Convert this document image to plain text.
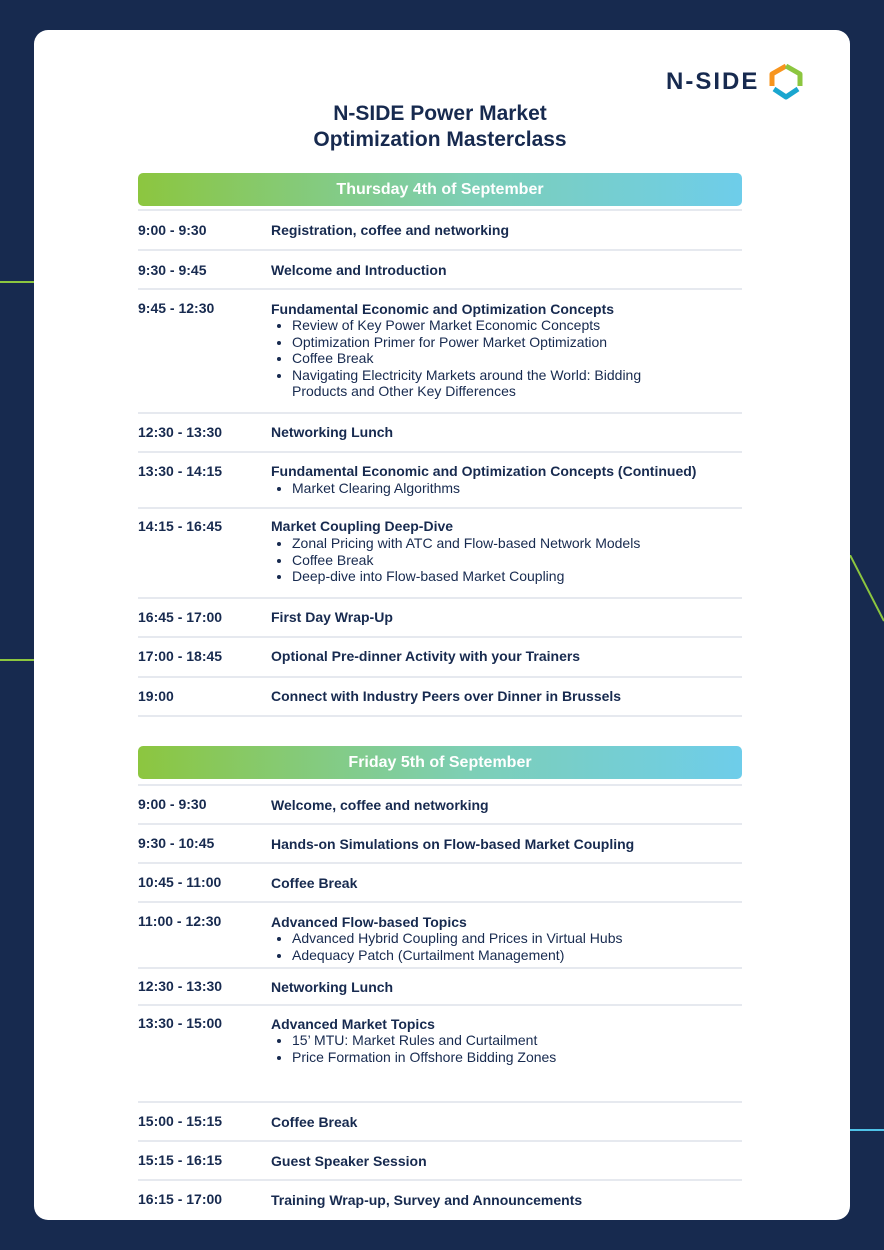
N-SIDE
N-SIDE Power Market
Optimization Masterclass
Thursday 4th of September
9:00 - 9:30	Registration, coffee and networking
9:30 - 9:45	Welcome and Introduction
9:45 - 12:30	Fundamental Economic and Optimization Concepts
• Review of Key Power Market Economic Concepts
• Optimization Primer for Power Market Optimization
• Coffee Break
• Navigating Electricity Markets around the World: Bidding
Products and Other Key Differences
12:30 - 13:30	Networking Lunch
13:30 - 14:15	Fundamental Economic and Optimization Concepts (Continued)
• Market Clearing Algorithms
14:15 - 16:45	Market Coupling Deep-Dive
• Zonal Pricing with ATC and Flow-based Network Models
• Coffee Break
• Deep-dive into Flow-based Market Coupling
16:45 - 17:00	First Day Wrap-Up
17:00 - 18:45	Optional Pre-dinner Activity with your Trainers
19:00	Connect with Industry Peers over Dinner in Brussels
Friday 5th of September
9:00 - 9:30	Welcome, coffee and networking
9:30 - 10:45	Hands-on Simulations on Flow-based Market Coupling
10:45 - 11:00	Coffee Break
11:00 - 12:30	Advanced Flow-based Topics
• Advanced Hybrid Coupling and Prices in Virtual Hubs
• Adequacy Patch (Curtailment Management)
12:30 - 13:30	Networking Lunch
13:30 - 15:00	Advanced Market Topics
• 15’ MTU: Market Rules and Curtailment
• Price Formation in Offshore Bidding Zones
15:00 - 15:15	Coffee Break
15:15 - 16:15	Guest Speaker Session
16:15 - 17:00	Training Wrap-up, Survey and Announcements
